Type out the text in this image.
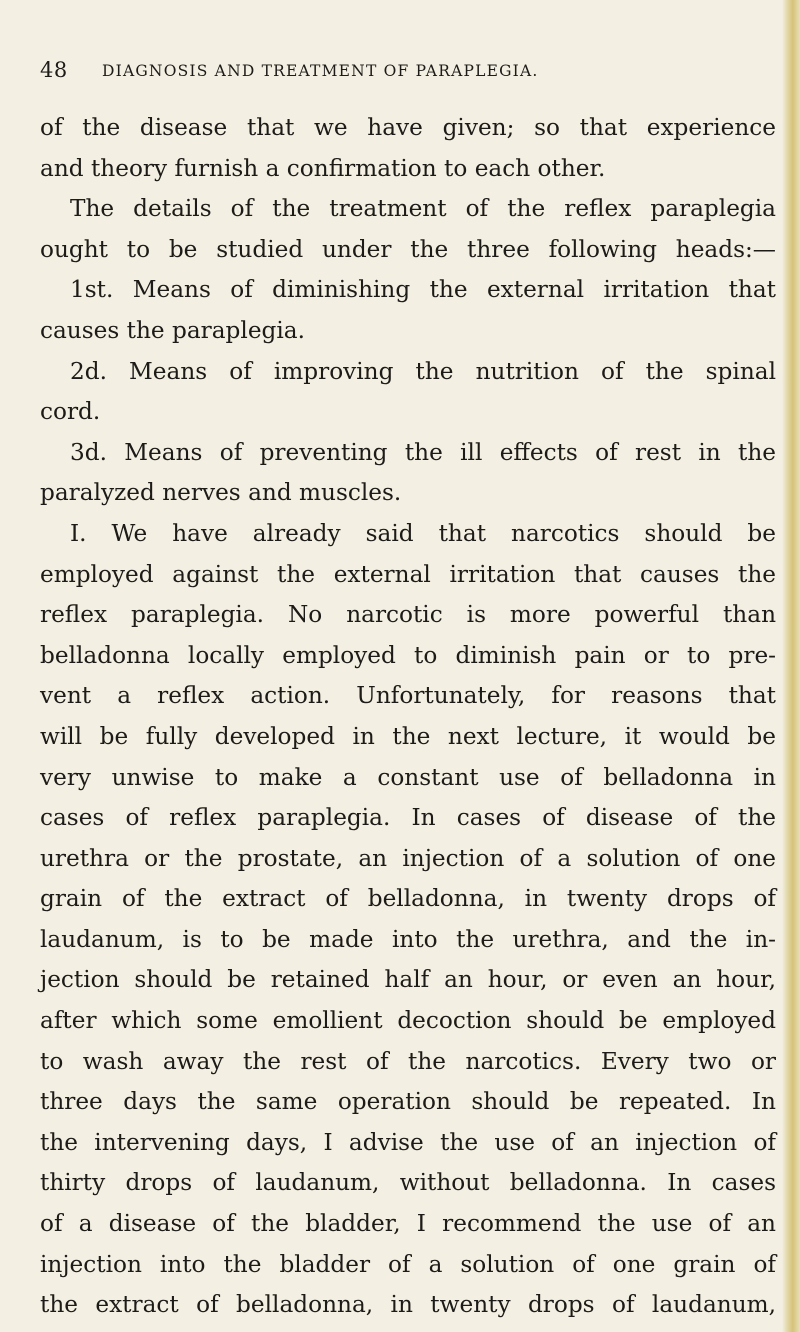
48	DIAGNOSIS AND TREATMENT OF PARAPLEGIA.
of the disease that we have given; so that experience
and theory furnish a confirmation to each other.
The details of the treatment of the reflex paraplegia
ought to be studied under the three following heads:—
1st. Means of diminishing the external irritation that
causes the paraplegia.
2d. Means of improving the nutrition of the spinal
cord.
3d. Means of preventing the ill effects of rest in the
paralyzed nerves and muscles.
I. We have already said that narcotics should be
employed against the external irritation that causes the
reflex paraplegia. No narcotic is more powerful than
belladonna locally employed to diminish pain or to pre-
vent a reflex action. Unfortunately, for reasons that
will be fully developed in the next lecture, it would be
very unwise to make a constant use of belladonna in
cases of reflex paraplegia. In cases of disease of the
urethra or the prostate, an injection of a solution of one
grain of the extract of belladonna, in twenty drops of
laudanum, is to be made into the urethra, and the in-
jection should be retained half an hour, or even an hour,
after which some emollient decoction should be employed
to wash away the rest of the narcotics. Every two or
three days the same operation should be repeated. In
the intervening days, I advise the use of an injection of
thirty drops of laudanum, without belladonna. In cases
of a disease of the bladder, I recommend the use of an
injection into the bladder of a solution of one grain of
the extract of belladonna, in twenty drops of laudanum,
